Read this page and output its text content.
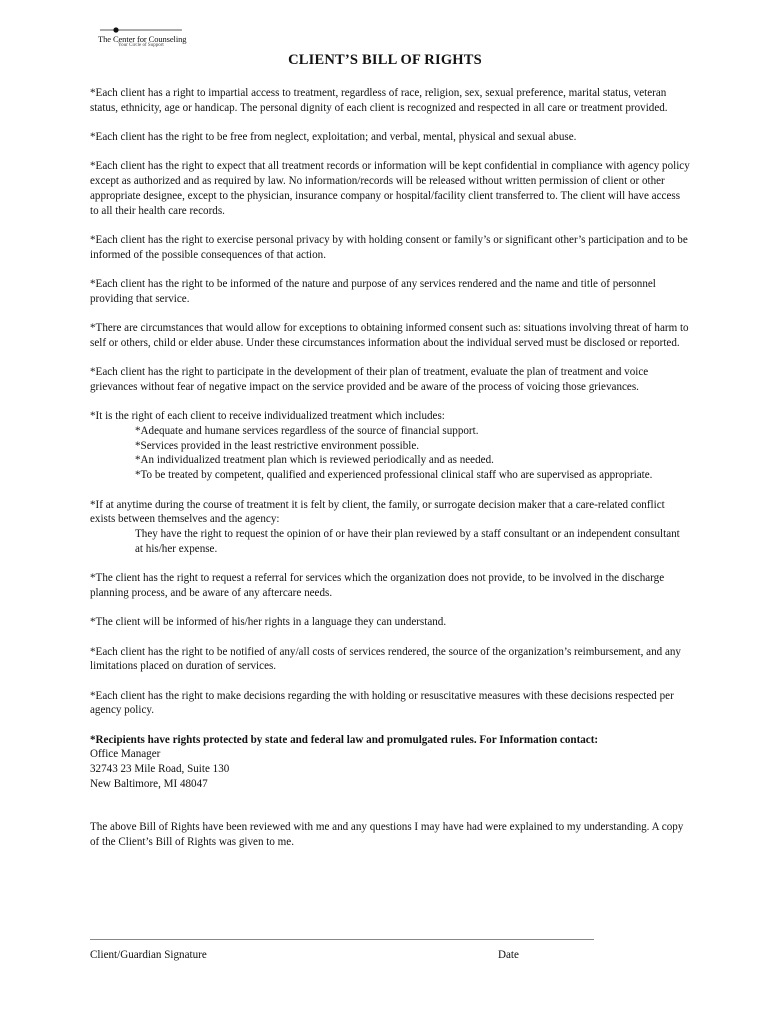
The Center for Counseling
Your Circle of Support
CLIENT’S BILL OF RIGHTS

*Each client has a right to impartial access to treatment, regardless of race, religion, sex, sexual preference, marital status, veteran status, ethnicity, age or handicap. The personal dignity of each client is recognized and respected in all care or treatment provided.

*Each client has the right to be free from neglect, exploitation; and verbal, mental, physical and sexual abuse.

*Each client has the right to expect that all treatment records or information will be kept confidential in compliance with agency policy except as authorized and as required by law. No information/records will be released without written permission of client or other appropriate designee, except to the physician, insurance company or hospital/facility client transferred to. The client will have access to all their health care records.

*Each client has the right to exercise personal privacy by with holding consent or family’s or significant other’s participation and to be informed of the possible consequences of that action.

*Each client has the right to be informed of the nature and purpose of any services rendered and the name and title of personnel providing that service.

*There are circumstances that would allow for exceptions to obtaining informed consent such as: situations involving threat of harm to self or others, child or elder abuse. Under these circumstances information about the individual served must be disclosed or reported.

*Each client has the right to participate in the development of their plan of treatment, evaluate the plan of treatment and voice grievances without fear of negative impact on the service provided and be aware of the process of voicing those grievances.

*It is the right of each client to receive individualized treatment which includes:
*Adequate and humane services regardless of the source of financial support.
*Services provided in the least restrictive environment possible.
*An individualized treatment plan which is reviewed periodically and as needed.
*To be treated by competent, qualified and experienced professional clinical staff who are supervised as appropriate.
*If at anytime during the course of treatment it is felt by client, the family, or surrogate decision maker that a care-related conflict exists between themselves and the agency:
They have the right to request the opinion of or have their plan reviewed by a staff consultant or an independent consultant at his/her expense.

*The client has the right to request a referral for services which the organization does not provide, to be involved in the discharge planning process, and be aware of any aftercare needs.

*The client will be informed of his/her rights in a language they can understand.

*Each client has the right to be notified of any/all costs of services rendered, the source of the organization’s reimbursement, and any limitations placed on duration of services.

*Each client has the right to make decisions regarding the with holding or resuscitative measures with these decisions respected per agency policy.

*Recipients have rights protected by state and federal law and promulgated rules. For Information contact:
Office Manager
32743 23 Mile Road, Suite 130
New Baltimore, MI 48047

The above Bill of Rights have been reviewed with me and any questions I may have had were explained to my understanding. A copy of the Client’s Bill of Rights was given to me.

Client/Guardian Signature	Date
